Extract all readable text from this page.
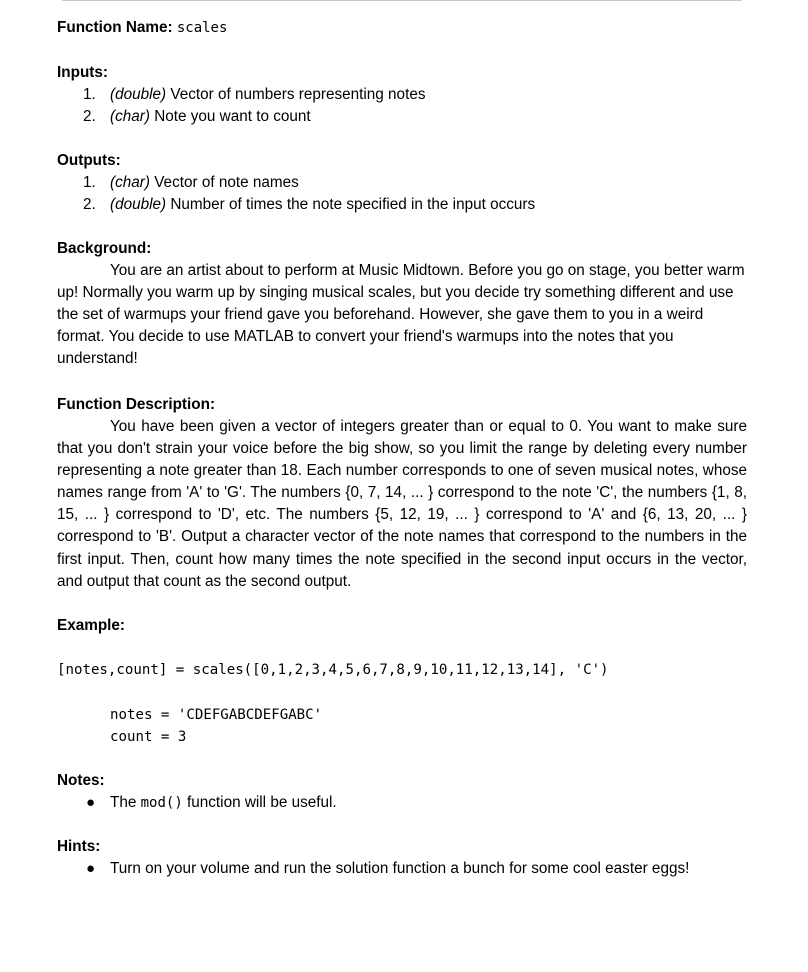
Function Name: scales
Inputs:
1. (double) Vector of numbers representing notes
2. (char) Note you want to count
Outputs:
1. (char) Vector of note names
2. (double) Number of times the note specified in the input occurs
Background:
You are an artist about to perform at Music Midtown. Before you go on stage, you better warm up! Normally you warm up by singing musical scales, but you decide try something different and use the set of warmups your friend gave you beforehand. However, she gave them to you in a weird format. You decide to use MATLAB to convert your friend's warmups into the notes that you understand!
Function Description:
You have been given a vector of integers greater than or equal to 0. You want to make sure that you don't strain your voice before the big show, so you limit the range by deleting every number representing a note greater than 18. Each number corresponds to one of seven musical notes, whose names range from 'A' to 'G'. The numbers {0, 7, 14, ... } correspond to the note 'C', the numbers {1, 8, 15, ... } correspond to 'D', etc. The numbers {5, 12, 19, ... } correspond to 'A' and {6, 13, 20, ... } correspond to 'B'. Output a character vector of the note names that correspond to the numbers in the first input. Then, count how many times the note specified in the second input occurs in the vector, and output that count as the second output.
Example:
[notes,count] = scales([0,1,2,3,4,5,6,7,8,9,10,11,12,13,14], 'C')
notes = 'CDEFGABCDEFGABC'
count = 3
Notes:
● The mod() function will be useful.
Hints:
● Turn on your volume and run the solution function a bunch for some cool easter eggs!
